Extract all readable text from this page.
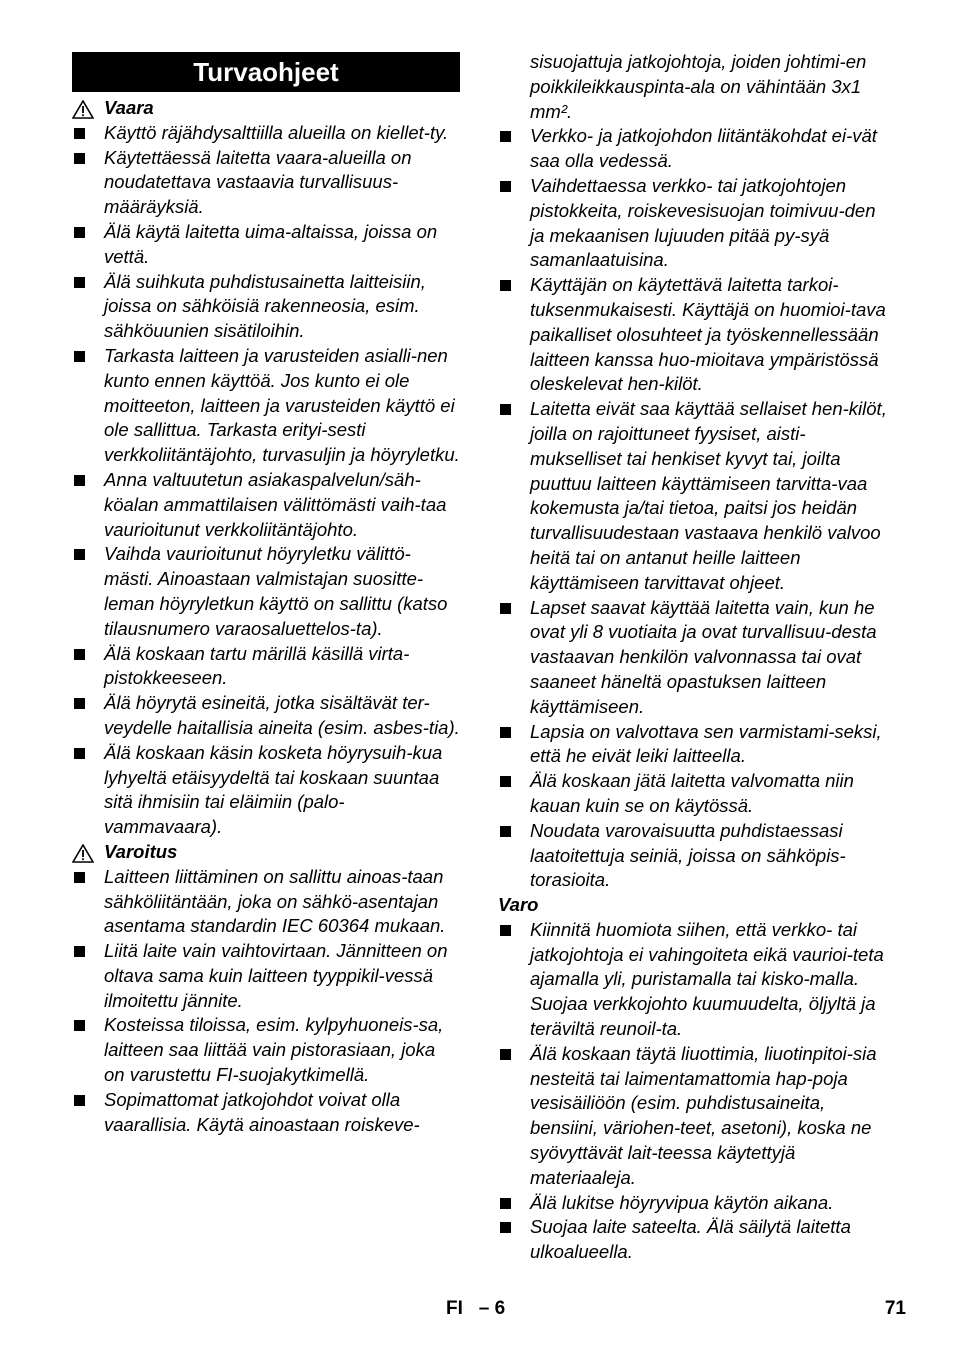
Turvaohjeet
Vaara
Käyttö räjähdysalttiilla alueilla on kiellet-ty.
Käytettäessä laitetta vaara-alueilla on noudatettava vastaavia turvallisuus-määräyksiä.
Älä käytä laitetta uima-altaissa, joissa on vettä.
Älä suihkuta puhdistusainetta laitteisiin, joissa on sähköisiä rakenneosia, esim. sähköuunien sisätiloihin.
Tarkasta laitteen ja varusteiden asialli-nen kunto ennen käyttöä. Jos kunto ei ole moitteeton, laitteen ja varusteiden käyttö ei ole sallittua. Tarkasta erityi-sesti verkkoliitäntäjohto, turvasuljin ja höyryletku.
Anna valtuutetun asiakaspalvelun/säh-köalan ammattilaisen välittömästi vaih-taa vaurioitunut verkkoliitäntäjohto.
Vaihda vaurioitunut höyryletku välittö-mästi. Ainoastaan valmistajan suositte-leman höyryletkun käyttö on sallittu (katso tilausnumero varaosaluettelos-ta).
Älä koskaan tartu märillä käsillä virta-pistokkeeseen.
Älä höyrytä esineitä, jotka sisältävät ter-veydelle haitallisia aineita (esim. asbes-tia).
Älä koskaan käsin kosketa höyrysuih-kua lyhyeltä etäisyydeltä tai koskaan suuntaa sitä ihmisiin tai eläimiin (palo-vammavaara).
Varoitus
Laitteen liittäminen on sallittu ainoas-taan sähköliitäntään, joka on sähkö-asentajan asentama standardin IEC 60364 mukaan.
Liitä laite vain vaihtovirtaan. Jännitteen on oltava sama kuin laitteen tyyppikil-vessä ilmoitettu jännite.
Kosteissa tiloissa, esim. kylpyhuoneis-sa, laitteen saa liittää vain pistorasiaan, joka on varustettu FI-suojakytkimellä.
Sopimattomat jatkojohdot voivat olla vaarallisia. Käytä ainoastaan roiskeve-
sisuojattuja jatkojohtoja, joiden johtimi-en poikkileikkauspinta-ala on vähintään 3x1 mm².
Verkko- ja jatkojohdon liitäntäkohdat ei-vät saa olla vedessä.
Vaihdettaessa verkko- tai jatkojohtojen pistokkeita, roiskevesisuojan toimivuu-den ja mekaanisen lujuuden pitää py-syä samanlaatuisina.
Käyttäjän on käytettävä laitetta tarkoi-tuksenmukaisesti. Käyttäjä on huomioi-tava paikalliset olosuhteet ja työskennellessään laitteen kanssa huo-mioitava ympäristössä oleskelevat hen-kilöt.
Laitetta eivät saa käyttää sellaiset hen-kilöt, joilla on rajoittuneet fyysiset, aisti-mukselliset tai henkiset kyvyt tai, joilta puuttuu laitteen käyttämiseen tarvitta-vaa kokemusta ja/tai tietoa, paitsi jos heidän turvallisuudestaan vastaava henkilö valvoo heitä tai on antanut heille laitteen käyttämiseen tarvittavat ohjeet.
Lapset saavat käyttää laitetta vain, kun he ovat yli 8 vuotiaita ja ovat turvallisuu-desta vastaavan henkilön valvonnassa tai ovat saaneet häneltä opastuksen laitteen käyttämiseen.
Lapsia on valvottava sen varmistami-seksi, että he eivät leiki laitteella.
Älä koskaan jätä laitetta valvomatta niin kauan kuin se on käytössä.
Noudata varovaisuutta puhdistaessasi laatoitettuja seiniä, joissa on sähköpis-torasioita.
Varo
Kiinnitä huomiota siihen, että verkko- tai jatkojohtoja ei vahingoiteta eikä vaurioi-teta ajamalla yli, puristamalla tai kisko-malla. Suojaa verkkojohto kuumuudelta, öljyltä ja teräviltä reunoil-ta.
Älä koskaan täytä liuottimia, liuotinpitoi-sia nesteitä tai laimentamattomia hap-poja vesisäiliöön (esim. puhdistusaineita, bensiini, väriohen-teet, asetoni), koska ne syövyttävät lait-teessa käytettyjä materiaaleja.
Älä lukitse höyryvipua käytön aikana.
Suojaa laite sateelta. Älä säilytä laitetta ulkoalueella.
FI – 6	71
